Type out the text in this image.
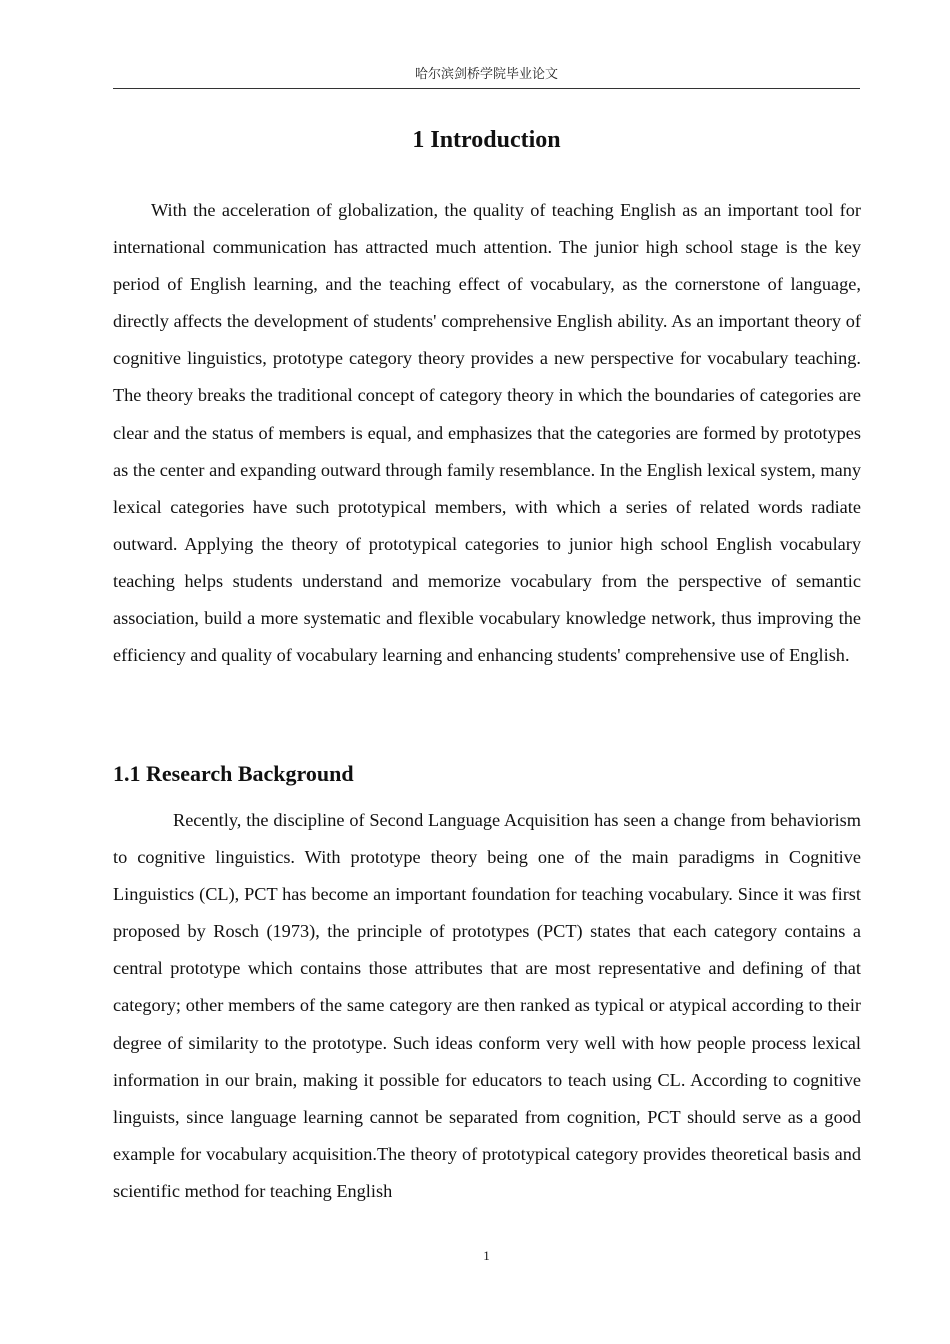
哈尔滨剑桥学院毕业论文
1 Introduction

With the acceleration of globalization, the quality of teaching English as an important tool for international communication has attracted much attention. The junior high school stage is the key period of English learning, and the teaching effect of vocabulary, as the cornerstone of language, directly affects the development of students' comprehensive English ability. As an important theory of cognitive linguistics, prototype category theory provides a new perspective for vocabulary teaching. The theory breaks the traditional concept of category theory in which the boundaries of categories are clear and the status of members is equal, and emphasizes that the categories are formed by prototypes as the center and expanding outward through family resemblance. In the English lexical system, many lexical categories have such prototypical members, with which a series of related words radiate outward. Applying the theory of prototypical categories to junior high school English vocabulary teaching helps students understand and memorize vocabulary from the perspective of semantic association, build a more systematic and flexible vocabulary knowledge network, thus improving the efficiency and quality of vocabulary learning and enhancing students' comprehensive use of English.

1.1 Research Background

Recently, the discipline of Second Language Acquisition has seen a change from behaviorism to cognitive linguistics. With prototype theory being one of the main paradigms in Cognitive Linguistics (CL), PCT has become an important foundation for teaching vocabulary. Since it was first proposed by Rosch (1973), the principle of prototypes (PCT) states that each category contains a central prototype which contains those attributes that are most representative and defining of that category; other members of the same category are then ranked as typical or atypical according to their degree of similarity to the prototype. Such ideas conform very well with how people process lexical information in our brain, making it possible for educators to teach using CL. According to cognitive linguists, since language learning cannot be separated from cognition, PCT should serve as a good example for vocabulary acquisition.The theory of prototypical category provides theoretical basis and scientific method for teaching English

1
